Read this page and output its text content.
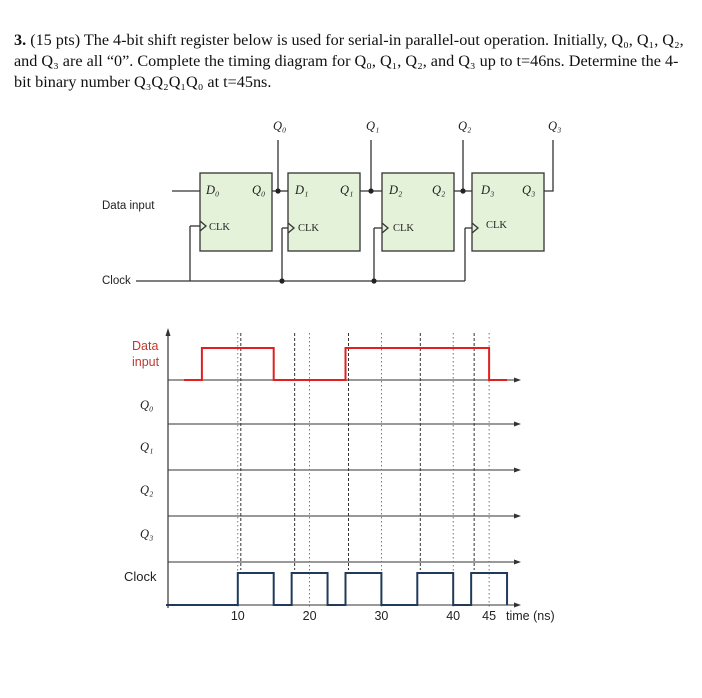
3. (15 pts) The 4-bit shift register below is used for serial-in parallel-out operation. Initially, Q₀, Q₁, Q₂, and Q₃ are all “0”. Complete the timing diagram for Q₀, Q₁, Q₂, and Q₃ up to t=46ns. Determine the 4-bit binary number Q₃Q₂Q₁Q₀ at t=45ns.
Data input
Clock
Q₀	Q₁	Q₂	Q₃
D₀	Q₀
CLK
D₁	Q₁
CLK
D₂ Q₂
CLK
D₃ Q₃
CLK
Data
input
Q₀
Q₁
Q₂
Q₃
Clock
10	20	30	40 45 time (ns)
